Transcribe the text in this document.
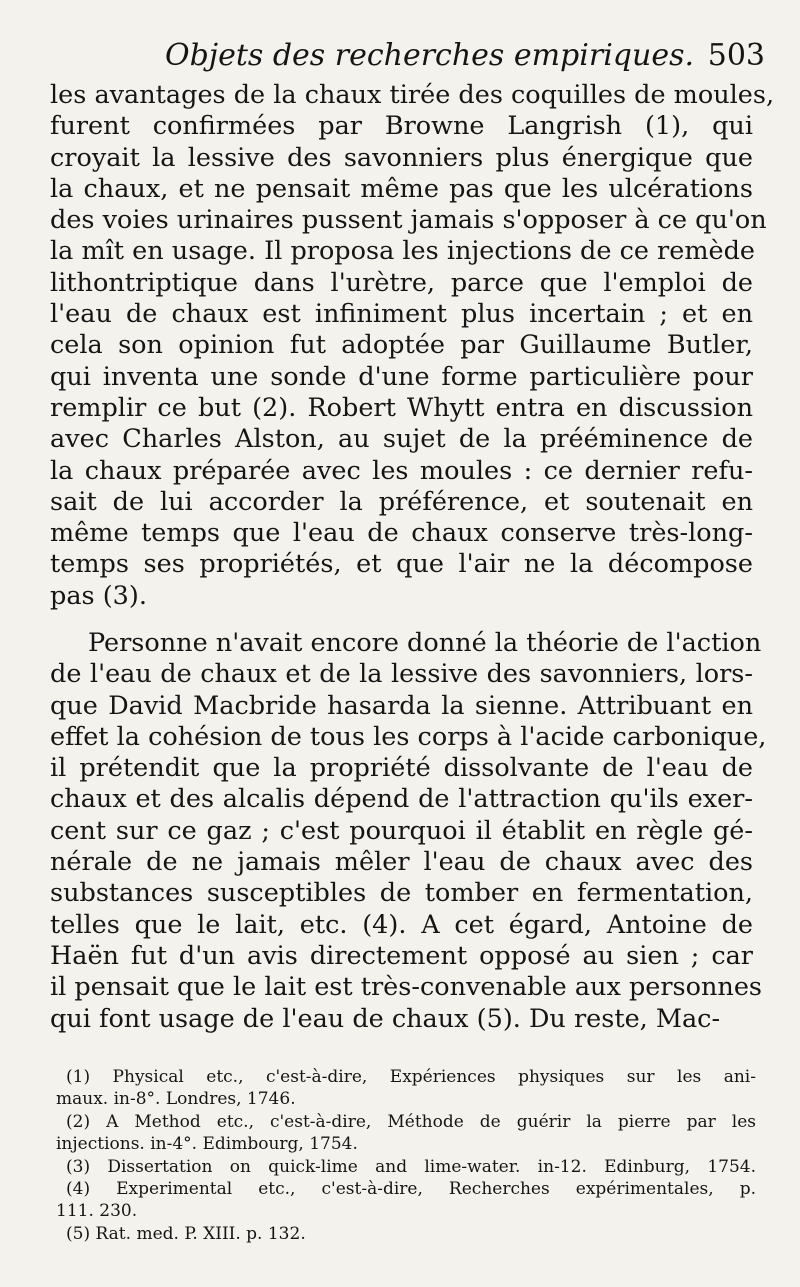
Objets des recherches empiriques. 503
les avantages de la chaux tirée des coquilles de moules,
furent confirmées par Browne Langrish (1), qui
croyait la lessive des savonniers plus énergique que
la chaux, et ne pensait même pas que les ulcérations
des voies urinaires pussent jamais s'opposer à ce qu'on
la mît en usage. Il proposa les injections de ce remède
lithontriptique dans l'urètre, parce que l'emploi de
l'eau de chaux est infiniment plus incertain ; et en
cela son opinion fut adoptée par Guillaume Butler,
qui inventa une sonde d'une forme particulière pour
remplir ce but (2). Robert Whytt entra en discussion
avec Charles Alston, au sujet de la prééminence de
la chaux préparée avec les moules : ce dernier refu-
sait de lui accorder la préférence, et soutenait en
même temps que l'eau de chaux conserve très-long-
temps ses propriétés, et que l'air ne la décompose
pas (3).
Personne n'avait encore donné la théorie de l'action
de l'eau de chaux et de la lessive des savonniers, lors-
que David Macbride hasarda la sienne. Attribuant en
effet la cohésion de tous les corps à l'acide carbonique,
il prétendit que la propriété dissolvante de l'eau de
chaux et des alcalis dépend de l'attraction qu'ils exer-
cent sur ce gaz ; c'est pourquoi il établit en règle gé-
nérale de ne jamais mêler l'eau de chaux avec des
substances susceptibles de tomber en fermentation,
telles que le lait, etc. (4). A cet égard, Antoine de
Haën fut d'un avis directement opposé au sien ; car
il pensait que le lait est très-convenable aux personnes
qui font usage de l'eau de chaux (5). Du reste, Mac-
(1) Physical etc., c'est-à-dire, Expériences physiques sur les ani-
maux. in-8°. Londres, 1746.
(2) A Method etc., c'est-à-dire, Méthode de guérir la pierre par les
injections. in-4°. Edimbourg, 1754.
(3) Dissertation on quick-lime and lime-water. in-12. Edinburg, 1754.
(4) Experimental etc., c'est-à-dire, Recherches expérimentales, p.
111. 230.
(5) Rat. med. P. XIII. p. 132.
